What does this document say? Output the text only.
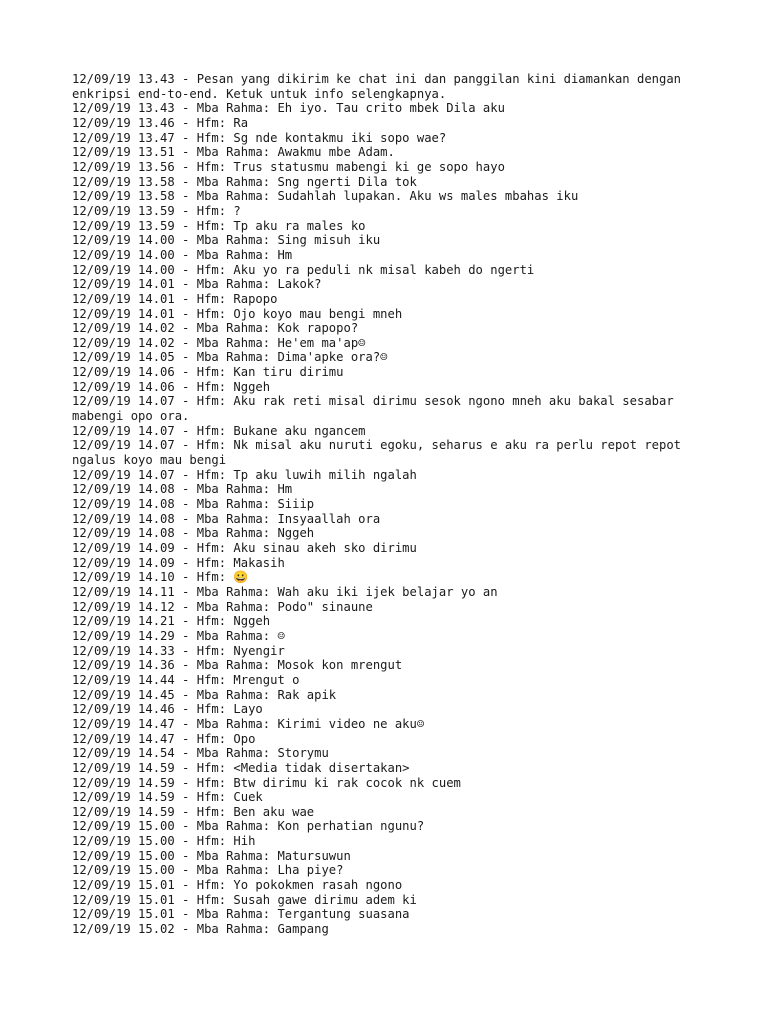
12/09/19 13.43 - Pesan yang dikirim ke chat ini dan panggilan kini diamankan dengan enkripsi end-to-end. Ketuk untuk info selengkapnya.
12/09/19 13.43 - Mba Rahma: Eh iyo. Tau crito mbek Dila aku
12/09/19 13.46 - Hfm: Ra
12/09/19 13.47 - Hfm: Sg nde kontakmu iki sopo wae?
12/09/19 13.51 - Mba Rahma: Awakmu mbe Adam.
12/09/19 13.56 - Hfm: Trus statusmu mabengi ki ge sopo hayo
12/09/19 13.58 - Mba Rahma: Sng ngerti Dila tok
12/09/19 13.58 - Mba Rahma: Sudahlah lupakan. Aku ws males mbahas iku
12/09/19 13.59 - Hfm: ?
12/09/19 13.59 - Hfm: Tp aku ra males ko
12/09/19 14.00 - Mba Rahma: Sing misuh iku
12/09/19 14.00 - Mba Rahma: Hm
12/09/19 14.00 - Hfm: Aku yo ra peduli nk misal kabeh do ngerti
12/09/19 14.01 - Mba Rahma: Lakok?
12/09/19 14.01 - Hfm: Rapopo
12/09/19 14.01 - Hfm: Ojo koyo mau bengi mneh
12/09/19 14.02 - Mba Rahma: Kok rapopo?
12/09/19 14.02 - Mba Rahma: He'em ma'ap☺
12/09/19 14.05 - Mba Rahma: Dima'apke ora?☺
12/09/19 14.06 - Hfm: Kan tiru dirimu
12/09/19 14.06 - Hfm: Nggeh
12/09/19 14.07 - Hfm: Aku rak reti misal dirimu sesok ngono mneh aku bakal sesabar mabengi opo ora.
12/09/19 14.07 - Hfm: Bukane aku ngancem
12/09/19 14.07 - Hfm: Nk misal aku nuruti egoku, seharus e aku ra perlu repot repot ngalus koyo mau bengi
12/09/19 14.07 - Hfm: Tp aku luwih milih ngalah
12/09/19 14.08 - Mba Rahma: Hm
12/09/19 14.08 - Mba Rahma: Siiip
12/09/19 14.08 - Mba Rahma: Insyaallah ora
12/09/19 14.08 - Mba Rahma: Nggeh
12/09/19 14.09 - Hfm: Aku sinau akeh sko dirimu
12/09/19 14.09 - Hfm: Makasih
12/09/19 14.10 - Hfm: 😀
12/09/19 14.11 - Mba Rahma: Wah aku iki ijek belajar yo an
12/09/19 14.12 - Mba Rahma: Podo" sinaune
12/09/19 14.21 - Hfm: Nggeh
12/09/19 14.29 - Mba Rahma: ☺
12/09/19 14.33 - Hfm: Nyengir
12/09/19 14.36 - Mba Rahma: Mosok kon mrengut
12/09/19 14.44 - Hfm: Mrengut o
12/09/19 14.45 - Mba Rahma: Rak apik
12/09/19 14.46 - Hfm: Layo
12/09/19 14.47 - Mba Rahma: Kirimi video ne aku☺
12/09/19 14.47 - Hfm: Opo
12/09/19 14.54 - Mba Rahma: Storymu
12/09/19 14.59 - Hfm: <Media tidak disertakan>
12/09/19 14.59 - Hfm: Btw dirimu ki rak cocok nk cuem
12/09/19 14.59 - Hfm: Cuek
12/09/19 14.59 - Hfm: Ben aku wae
12/09/19 15.00 - Mba Rahma: Kon perhatian ngunu?
12/09/19 15.00 - Hfm: Hih
12/09/19 15.00 - Mba Rahma: Matursuwun
12/09/19 15.00 - Mba Rahma: Lha piye?
12/09/19 15.01 - Hfm: Yo pokokmen rasah ngono
12/09/19 15.01 - Hfm: Susah gawe dirimu adem ki
12/09/19 15.01 - Mba Rahma: Tergantung suasana
12/09/19 15.02 - Mba Rahma: Gampang
